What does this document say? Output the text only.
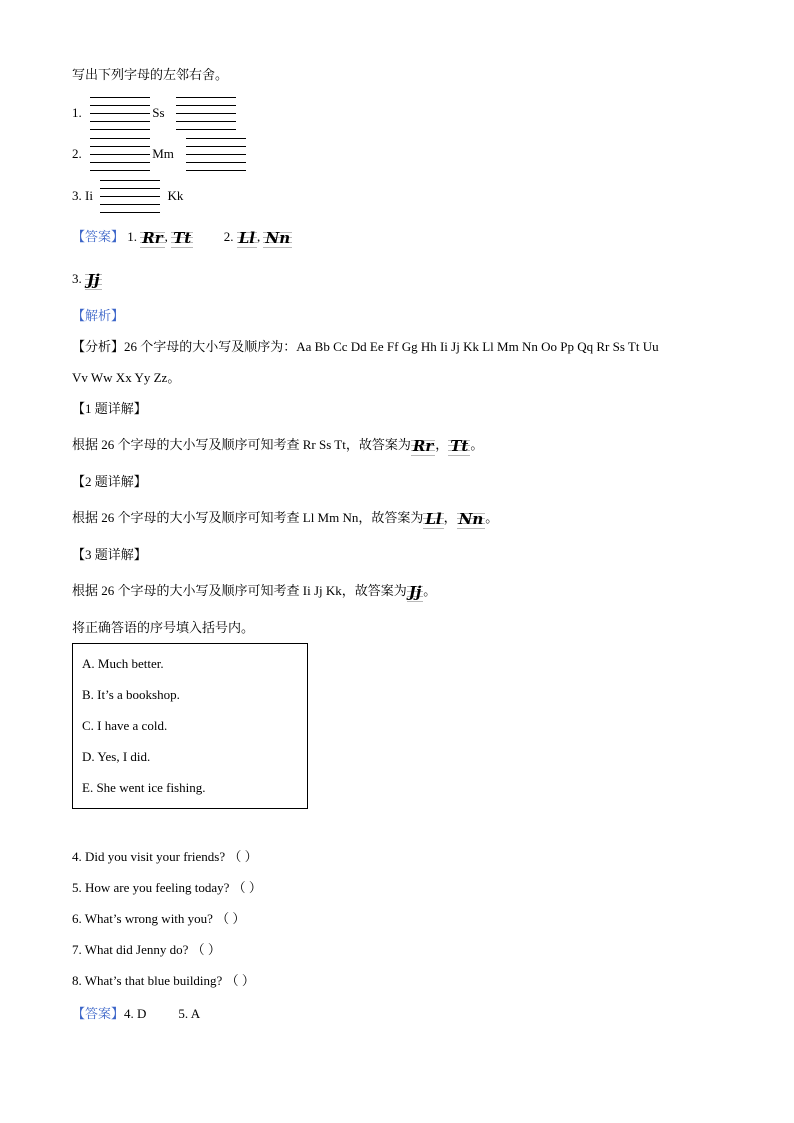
写出下列字母的左邻右舍。
1.	Ss
2.	Mm
3. Ii	Kk
【答案】 1. Rr , Tt	2. Ll , Nn
3. Jj
【解析】
【分析】26 个字母的大小写及顺序为：Aa Bb Cc Dd Ee Ff Gg Hh Ii Jj Kk Ll Mm Nn Oo Pp Qq Rr Ss Tt Uu
Vv Ww Xx Yy Zz。
【1 题详解】
根据 26 个字母的大小写及顺序可知考查 Rr Ss Tt，故答案为 Rr ， Tt 。
【2 题详解】
根据 26 个字母的大小写及顺序可知考查 Ll Mm Nn，故答案为 Ll ， Nn 。
【3 题详解】
根据 26 个字母的大小写及顺序可知考查 Ii Jj Kk，故答案为 Jj 。
将正确答语的序号填入括号内。
A. Much better.
B. It’s a bookshop.
C. I have a cold.
D. Yes, I did.
E. She went ice fishing.
4. Did you visit your friends? （ ）
5. How are you feeling today? （ ）
6. What’s wrong with you? （ ）
7. What did Jenny do? （ ）
8. What’s that blue building? （ ）
【答案】4. D 5. A
